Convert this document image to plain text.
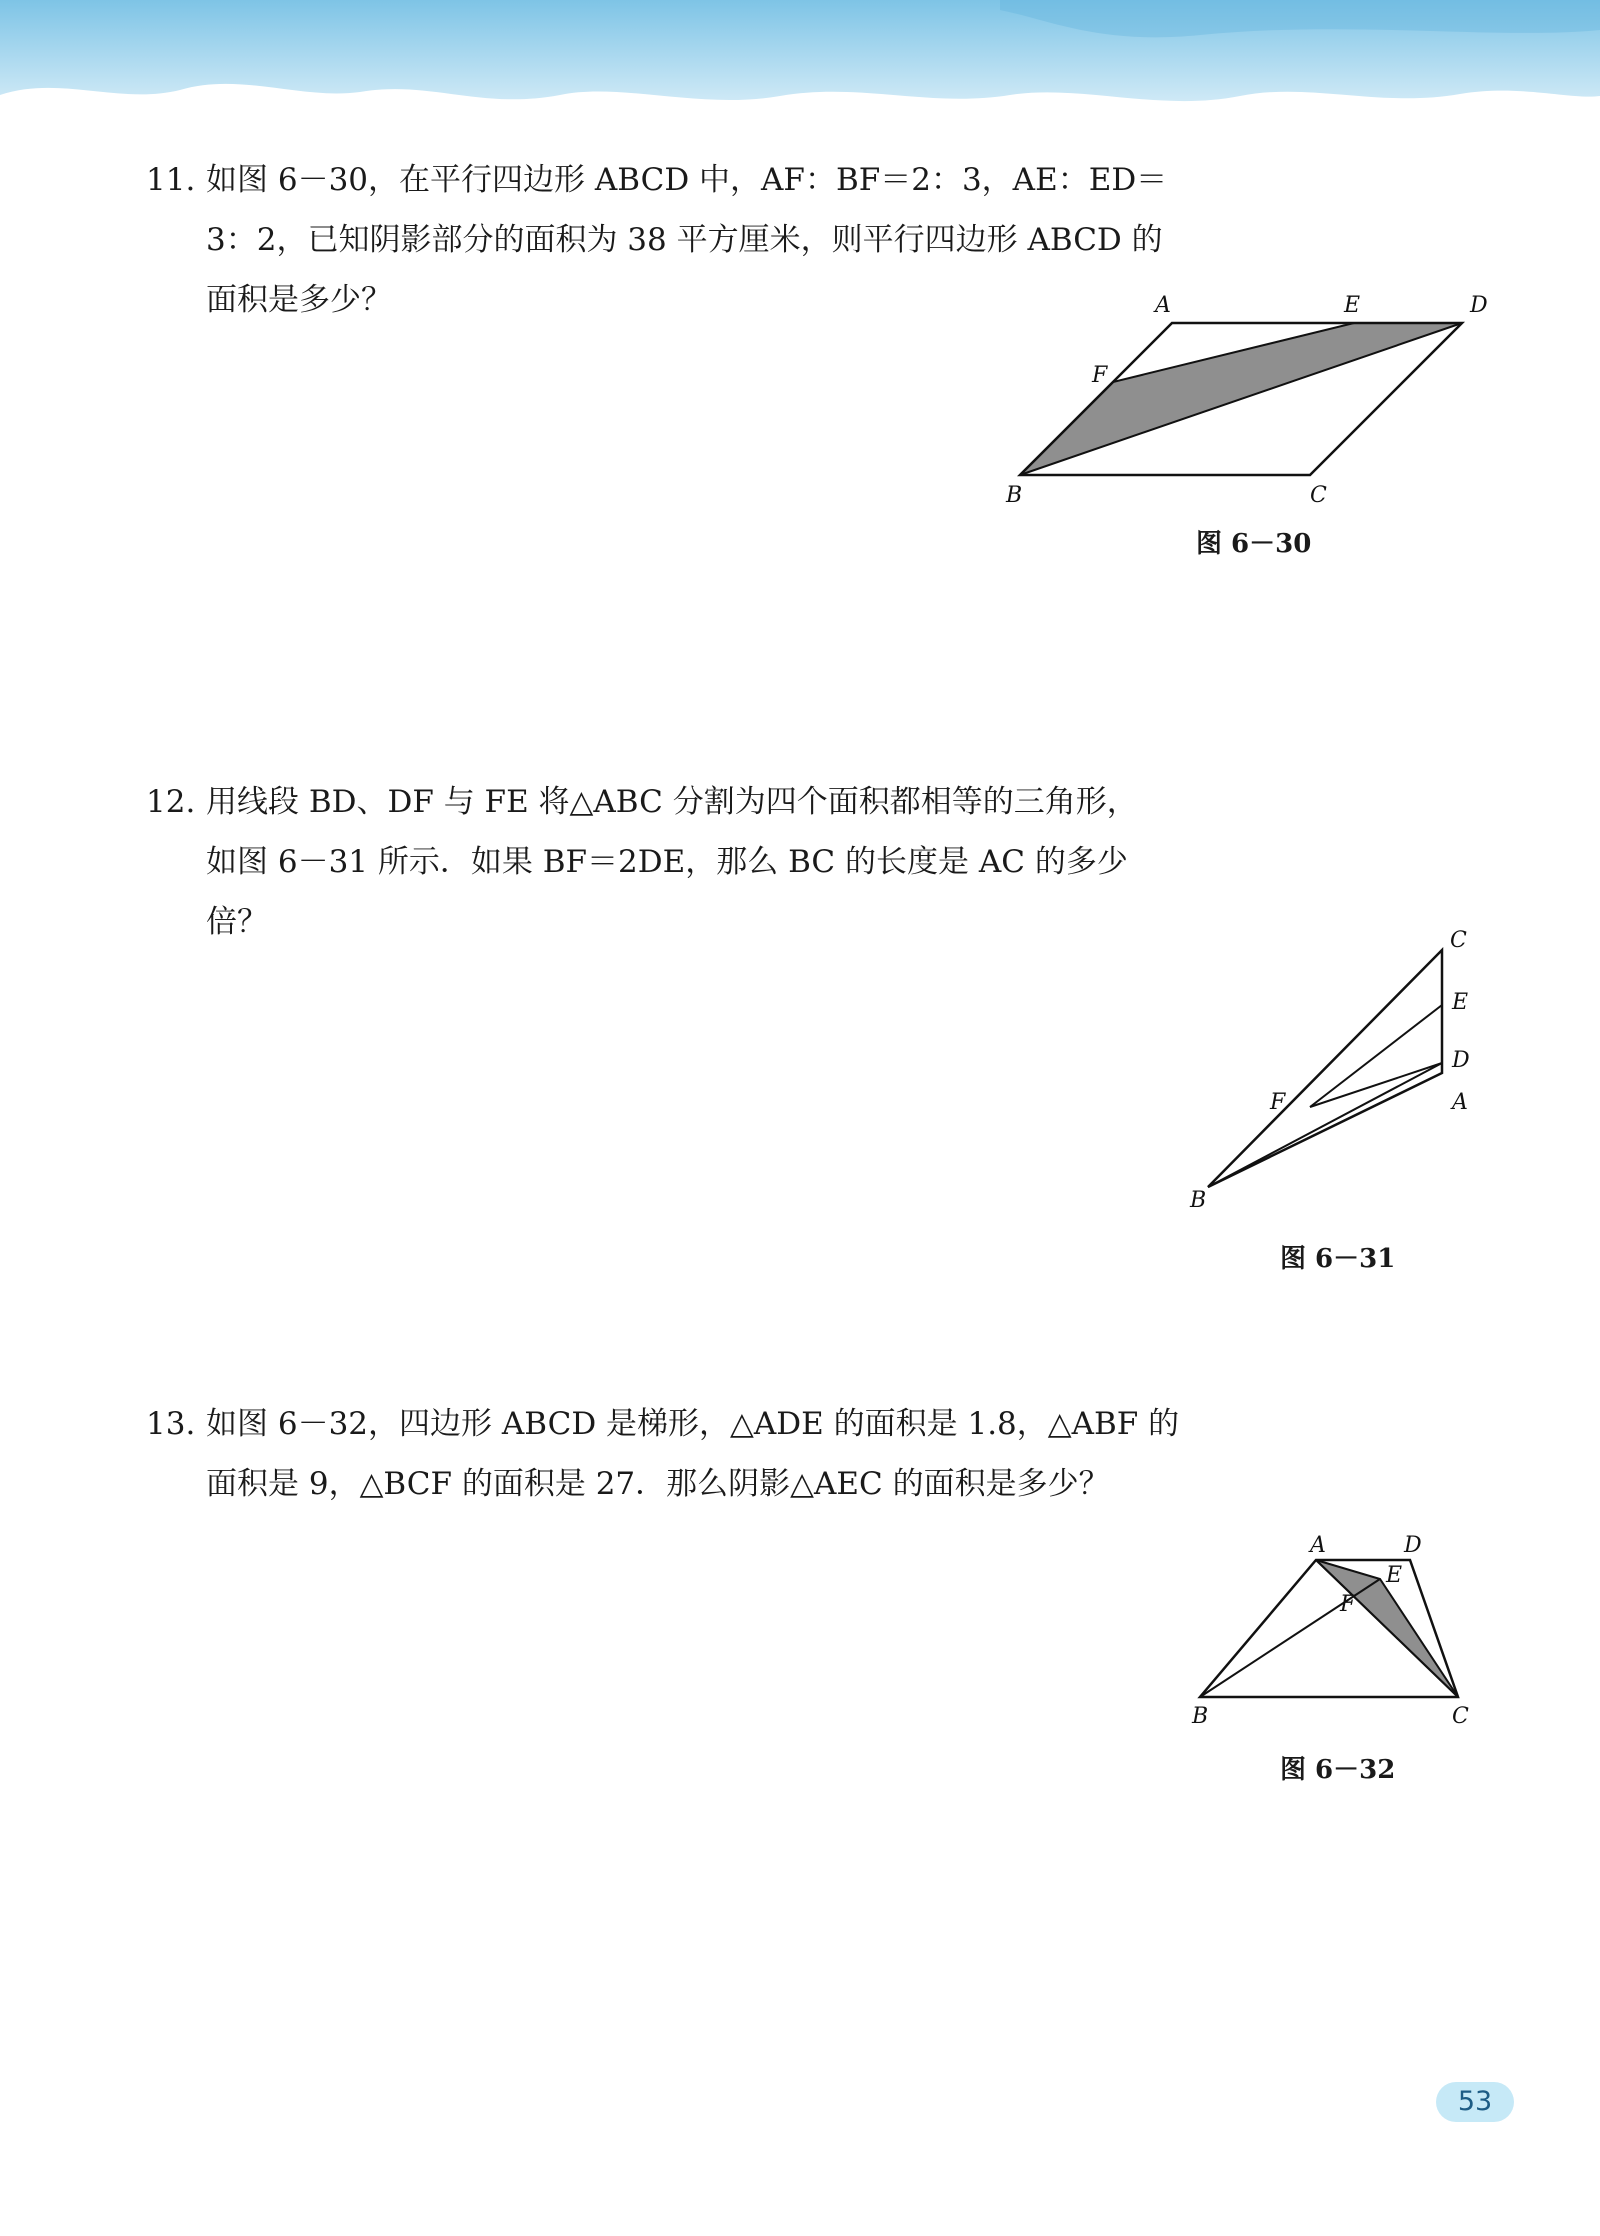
11. 如图 6－30，在平行四边形 ABCD 中，AF：BF＝2：3，AE：ED＝
3：2，已知阴影部分的面积为 38 平方厘米，则平行四边形 ABCD 的
面积是多少？	A	E	D
F
B	C
图 6－30
12. 用线段 BD、DF 与 FE 将△ABC 分割为四个面积都相等的三角形，
如图 6－31 所示．如果 BF＝2DE，那么 BC 的长度是 AC 的多少倍？
C
E
D
F	A
B
图 6－31
13. 如图 6－32，四边形 ABCD 是梯形，△ADE 的面积是 1.8，△ABF 的
面积是 9，△BCF 的面积是 27．那么阴影△AEC 的面积是多少？
A	D
E
F
B	C
图 6－32
53
